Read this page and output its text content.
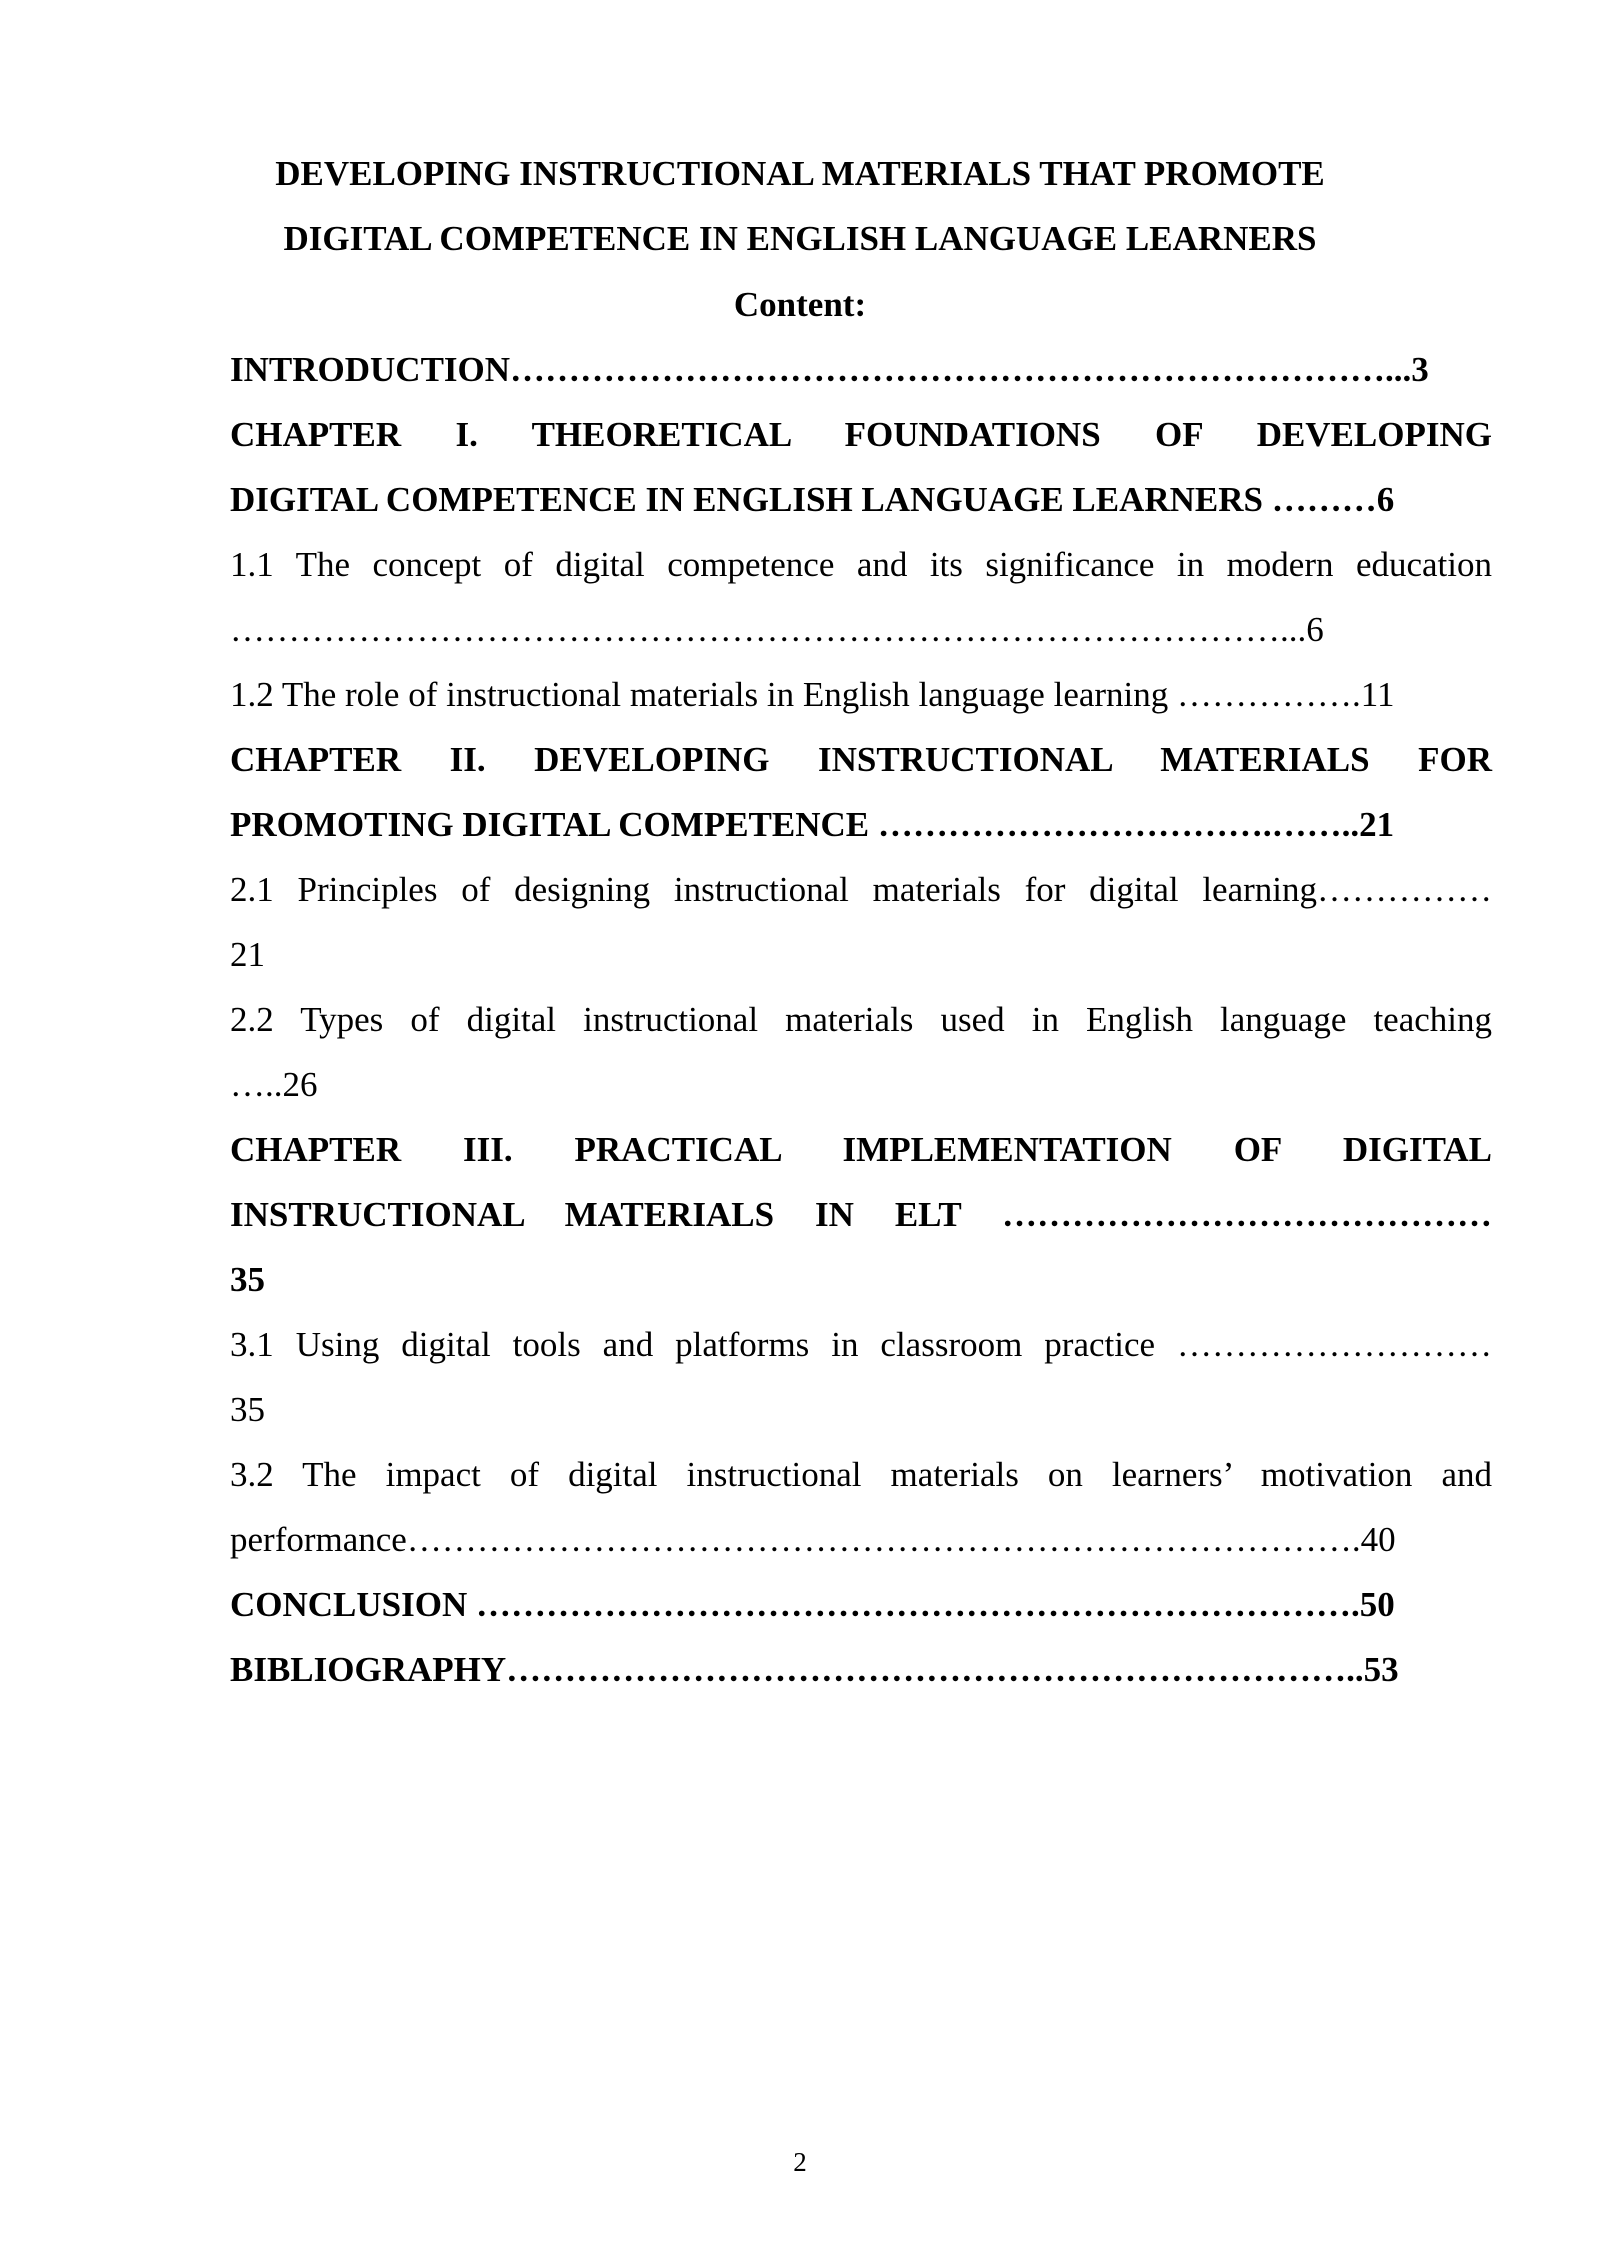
DEVELOPING INSTRUCTIONAL MATERIALS THAT PROMOTE
DIGITAL COMPETENCE IN ENGLISH LANGUAGE LEARNERS
Content:
INTRODUCTION…………………………………………………………………...3
CHAPTER I. THEORETICAL FOUNDATIONS OF DEVELOPING
DIGITAL COMPETENCE IN ENGLISH LANGUAGE LEARNERS ………6
1.1 The concept of digital competence and its significance in modern education
………………………………………………………………………………...6
1.2 The role of instructional materials in English language learning …………….11
CHAPTER II. DEVELOPING INSTRUCTIONAL MATERIALS FOR
PROMOTING DIGITAL COMPETENCE …………………………….……..21
2.1 Principles of designing instructional materials for digital learning……………
21
2.2 Types of digital instructional materials used in English language teaching
…..26
CHAPTER III. PRACTICAL IMPLEMENTATION OF DIGITAL
INSTRUCTIONAL MATERIALS IN ELT ……………………………………
35
3.1 Using digital tools and platforms in classroom practice ………………………
35
3.2 The impact of digital instructional materials on learners’ motivation and
performance……………………………………………………………………….40
CONCLUSION ………………………………………………………………….50
BIBLIOGRAPHY………………………………………………………………..53
2
